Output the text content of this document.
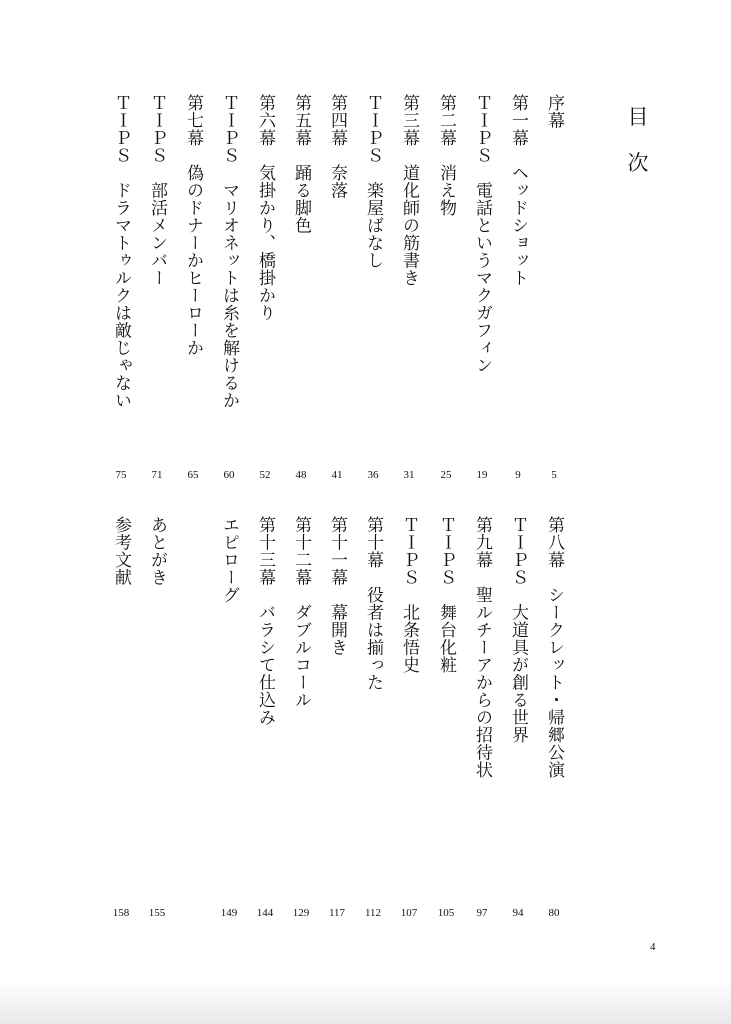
目
次
序幕
5
第一幕　ヘッドショット
9
ＴＩＰＳ　電話というマクガフィン
19
第二幕　消え物
25
第三幕　道化師の筋書き
31
ＴＩＰＳ　楽屋ばなし
36
第四幕　奈落
41
第五幕　踊る脚色
48
第六幕　気掛かり、橋掛かり
52
ＴＩＰＳ　マリオネットは糸を解けるか
60
第七幕　偽のドナーかヒーローか
65
ＴＩＰＳ　部活メンバー
71
ＴＩＰＳ　ドラマトゥルクは敵じゃない
75
第八幕　シークレット・帰郷公演
80
ＴＩＰＳ　大道具が創る世界
94
第九幕　聖ルチーアからの招待状
97
ＴＩＰＳ　舞台化粧
105
ＴＩＰＳ　北条悟史
107
第十幕　役者は揃った
112
第十一幕　幕開き
117
第十二幕　ダブルコール
129
第十三幕　バラシて仕込み
144
エピローグ
149
あとがき
155
参考文献
158
4
